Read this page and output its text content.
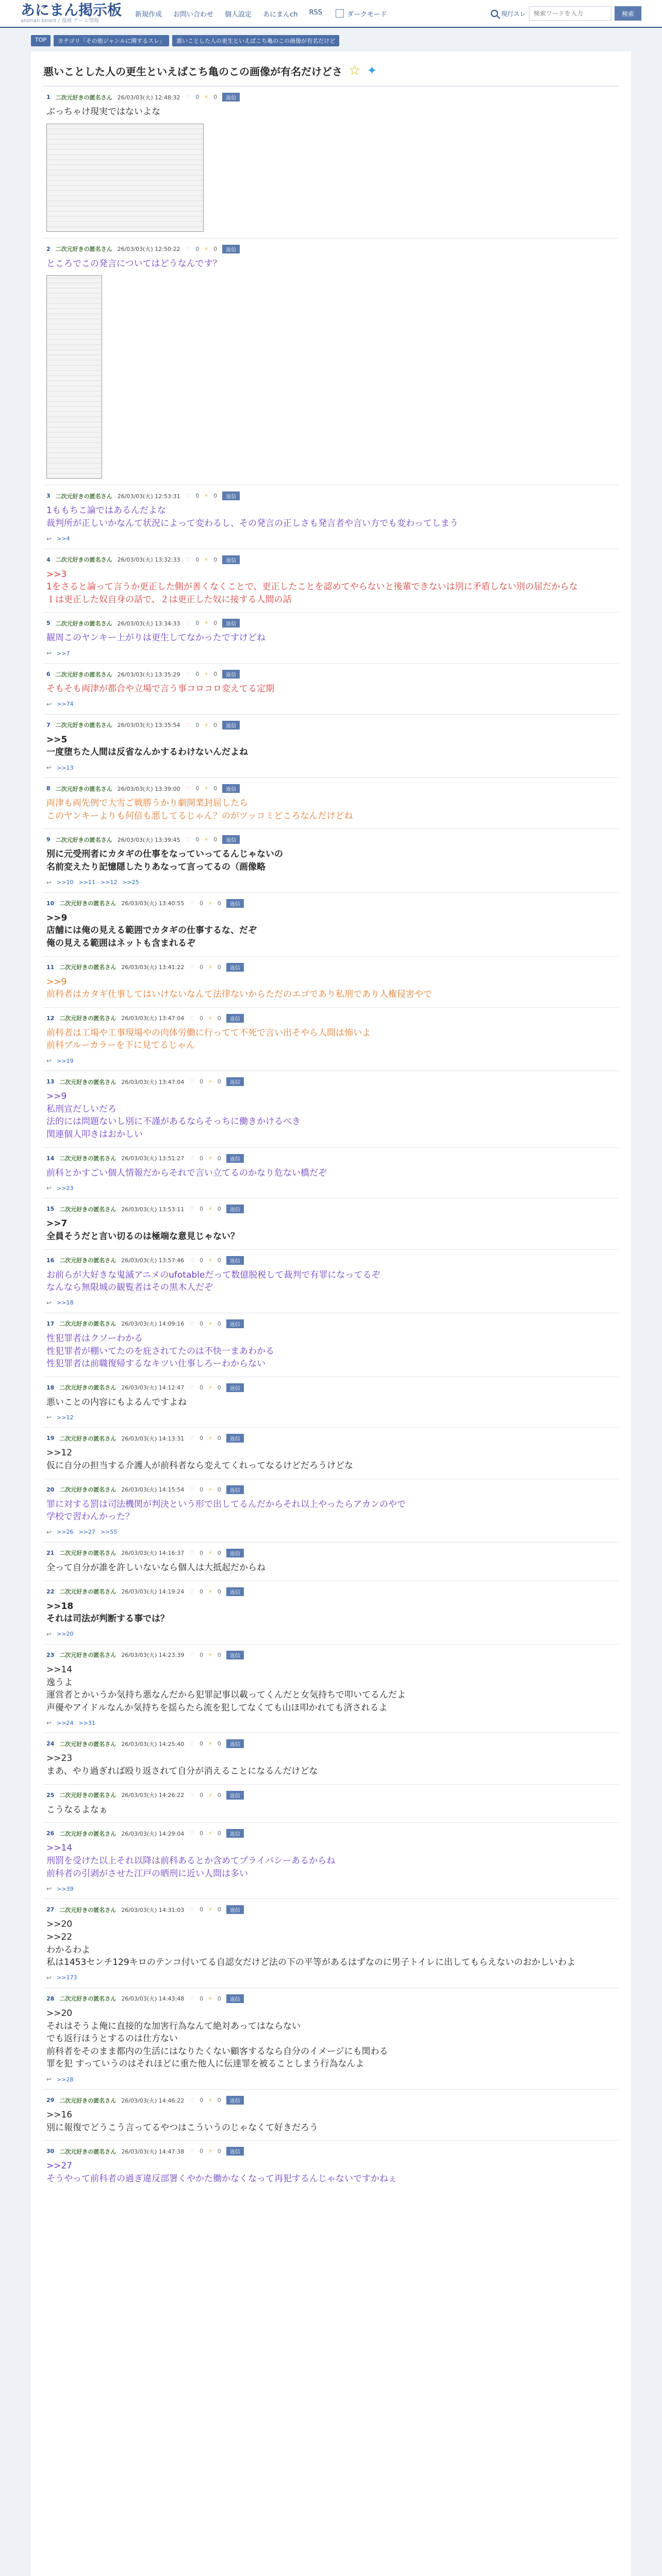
あにまん掲示板
animan board / 漫画 ゲーム情報
新規作成 お問い合わせ 個人設定 あにまんch RSS	ダークモード	現行スレ
検索ワードを入力	検索
TOP	カテゴリ「その他ジャンルに関するスレ」	悪いことした人の更生といえばこち亀のこの画像が有名だけど
悪いことした人の更生といえばこち亀のこの画像が有名だけどさ ☆ ✦
1 二次元好きの匿名さん 26/03/03(火) 12:48:32 ♡ 0 ⚡ 0	返信
ぶっちゃけ現実ではないよな
2 二次元好きの匿名さん 26/03/03(火) 12:50:22 ♡ 0 ⚡ 0	返信
ところでこの発言についてはどうなんです？
3 二次元好きの匿名さん 26/03/03(火) 12:53:31 ♡ 0 ⚡ 0	返信
1ももちこ論ではあるんだよな
裁判所が正しいかなんて状況によって変わるし、その発言の正しさも発言者や言い方でも変わってしまう
↩ >>4
4 二次元好きの匿名さん 26/03/03(火) 13:32:33 ♡ 0 ⚡ 0	返信
>>3
1をさると論って言うか更正した側が善くなくことで、更正したことを認めてやらないと後輩できないは別に矛盾しない別の屈だからな
１は更正した奴自身の話で、２は更正した奴に接する人間の話
5 二次元好きの匿名さん 26/03/03(火) 13:34:33 ♡ 0 ⚡ 0	返信
観周このヤンキー上がりは更生してなかったですけどね
↩ >>7
6 二次元好きの匿名さん 26/03/03(火) 13:35:29 ♡ 0 ⚡ 0	返信
そもそも両津が都合や立場で言う事コロコロ変えてる定期
↩ >>74
7 二次元好きの匿名さん 26/03/03(火) 13:35:54 ♡ 0 ⚡ 0	返信
>>5
一度堕ちた人間は反省なんかするわけないんだよね
↩ >>13
8 二次元好きの匿名さん 26/03/03(火) 13:39:00 ♡ 0 ⚡ 0	返信
両津も両先例で大雪ご戦勝うかり劇開業封屈したら
このヤンキーよりも何倍も悪してるじゃん？のがツッコミどころなんだけどね
9 二次元好きの匿名さん 26/03/03(火) 13:39:45 ♡ 0 ⚡ 0	返信
別に元受刑者にカタギの仕事をなっていってるんじゃないの
名前変えたり記憶隠したりあなって言ってるの（画像略
↩ >>10 >>11 >>12 >>25
10 二次元好きの匿名さん 26/03/03(火) 13:40:55 ♡ 0 ⚡ 0	返信
>>9
店舗には俺の見える範囲でカタギの仕事するな、だぞ
俺の見える範囲はネットも含まれるぞ
11 二次元好きの匿名さん 26/03/03(火) 13:41:22 ♡ 0 ⚡ 0	返信
>>9
前科者はカタギ仕事してはいけないなんて法律ないからただのエゴであり私刑であり人権侵害やで
12 二次元好きの匿名さん 26/03/03(火) 13:47:04 ♡ 0 ⚡ 0	返信
前科者は工場や工事現場やの肉体労働に行ってて不死で言い出そやら人間は怖いよ
前科ブルーカラーを下に見てるじゃん
↩ >>19
13 二次元好きの匿名さん 26/03/03(火) 13:47:04 ♡ 0 ⚡ 0	返信
>>9
私刑宣だしいだろ
法的には問題ないし別に不謹があるならそっちに働きかけるべき
関連個人叩きはおかしい
14 二次元好きの匿名さん 26/03/03(火) 13:51:27 ♡ 0 ⚡ 0	返信
前科とかすごい個人情報だからそれで言い立てるのかなり危ない橋だぞ
↩ >>23
15 二次元好きの匿名さん 26/03/03(火) 13:53:11 ♡ 0 ⚡ 0	返信
>>7
全員そうだと言い切るのは極端な意見じゃない？
16 二次元好きの匿名さん 26/03/03(火) 13:57:46 ♡ 0 ⚡ 0	返信
お前らが大好きな鬼滅アニメのufotableだって数億脱税して裁判で有罪になってるぞ
なんなら無限城の観覧者はその黒木人だぞ
↩ >>18
17 二次元好きの匿名さん 26/03/03(火) 14:09:16 ♡ 0 ⚡ 0	返信
性犯罪者はクソーわかる
性犯罪者が棚いてたのを庇されてたのは不快一まあわかる
性犯罪者は前職復帰するなキツい仕事しろーわからない
18 二次元好きの匿名さん 26/03/03(火) 14:12:47 ♡ 0 ⚡ 0	返信
悪いことの内容にもよるんですよね
↩ >>12
19 二次元好きの匿名さん 26/03/03(火) 14:13:31 ♡ 0 ⚡ 0	返信
>>12
仮に自分の担当する介護人が前科者なら変えてくれってなるけどだろうけどな
20 二次元好きの匿名さん 26/03/03(火) 14:15:54 ♡ 0 ⚡ 0	返信
罪に対する罰は司法機関が判決という形で出してるんだからそれ以上やったらアカンのやで
学校で習わんかった？
↩ >>26 >>27 >>55
21 二次元好きの匿名さん 26/03/03(火) 14:16:37 ♡ 0 ⚡ 0	返信
全って自分が誰を許しいないなら個人は大抵起だからね
22 二次元好きの匿名さん 26/03/03(火) 14:19:24 ♡ 0 ⚡ 0	返信
>>18
それは司法が判断する事では？
↩ >>20
23 二次元好きの匿名さん 26/03/03(火) 14:23:39 ♡ 0 ⚡ 0	返信
>>14
逸うよ
運営者とかいうか気持ち悪なんだから犯罪記事以載ってくんだと女気持ちで叩いてるんだよ
声優やアイドルなんか気持ちを揺らたら流を犯してなくても山ほ叩かれても済されるよ
↩ >>24 >>31
24 二次元好きの匿名さん 26/03/03(火) 14:25:40 ♡ 0 ⚡ 0	返信
>>23
まあ、やり過ぎれば殴り返されて自分が消えることになるんだけどな
25 二次元好きの匿名さん 26/03/03(火) 14:26:22 ♡ 0 ⚡ 0	返信
こうなるよなぁ
26 二次元好きの匿名さん 26/03/03(火) 14:29:04 ♡ 0 ⚡ 0	返信
>>14
刑罰を受けた以上それ以降は前科あるとか含めてプライバシーあるからね
前科者の引剥がさせた江戸の晒刑に近い人間は多い
↩ >>39
27 二次元好きの匿名さん 26/03/03(火) 14:31:03 ♡ 0 ⚡ 0	返信
>>20
>>22
わかるわよ
私は1453センチ129キロのテンコ付いてる自認女だけど法の下の平等があるはずなのに男子トイレに出してもらえないのおかしいわよ
↩ >>173
28 二次元好きの匿名さん 26/03/03(火) 14:43:48 ♡ 0 ⚡ 0	返信
>>20
それはそうよ俺に直接的な加害行為なんて絶対あってはならない
でも返行ほうとするのは仕方ない
前科者をそのまま都内の生活にはなりたくない顧客するなら自分のイメージにも関わる
罪を犯 すっていうのはそれほどに重た他人に伝達罪を被ることしまう行為なんよ
↩ >>28
29 二次元好きの匿名さん 26/03/03(火) 14:46:22 ♡ 0 ⚡ 0	返信
>>16
別に報復でどうこう言ってるやつはこういうのじゃなくて好きだろう
30 二次元好きの匿名さん 26/03/03(火) 14:47:38 ♡ 0 ⚡ 0	返信
>>27
そうやって前科者の過ぎ違反部署くやかた働かなくなって再犯するんじゃないですかねぇ
